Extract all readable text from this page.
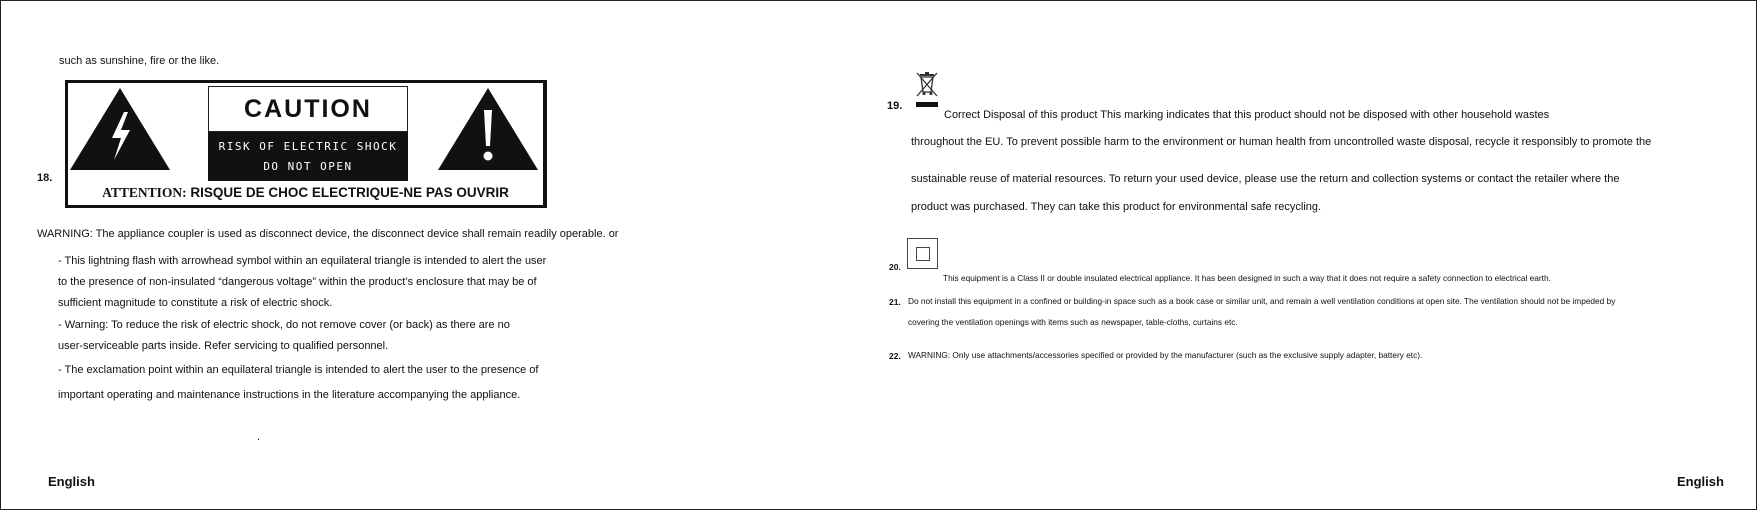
such as sunshine, fire or the like.
18.
CAUTION
RISK OF ELECTRIC SHOCK
DO NOT OPEN
ATTENTION: RISQUE DE CHOC ELECTRIQUE-NE PAS OUVRIR
WARNING: The appliance coupler is used as disconnect device, the disconnect device shall remain readily operable. or
- This lightning flash with arrowhead symbol within an equilateral triangle is intended to alert the user
to the presence of non-insulated “dangerous voltage” within the product’s enclosure that may be of
sufficient magnitude to constitute a risk of electric shock.
- Warning: To reduce the risk of electric shock, do not remove cover (or back) as there are no
user-serviceable parts inside. Refer servicing to qualified personnel.
- The exclamation point within an equilateral triangle is intended to alert the user to the presence of
important operating and maintenance instructions in the literature accompanying the appliance.
.
English
19.
Correct Disposal of this product This marking indicates that this product should not be disposed with other household wastes
throughout the EU. To prevent possible harm to the environment or human health from uncontrolled waste disposal, recycle it responsibly to promote the
sustainable reuse of material resources. To return your used device, please use the return and collection systems or contact the retailer where the
product was purchased. They can take this product for environmental safe recycling.
20.
This equipment is a Class II or double insulated electrical appliance. It has been designed in such a way that it does not require a safety connection to electrical earth.
21. Do not install this equipment in a confined or building-in space such as a book case or similar unit, and remain a well ventilation conditions at open site. The ventilation should not be impeded by
covering the ventilation openings with items such as newspaper, table-cloths, curtains etc.
22. WARNING: Only use attachments/accessories specified or provided by the manufacturer (such as the exclusive supply adapter, battery etc).
English
